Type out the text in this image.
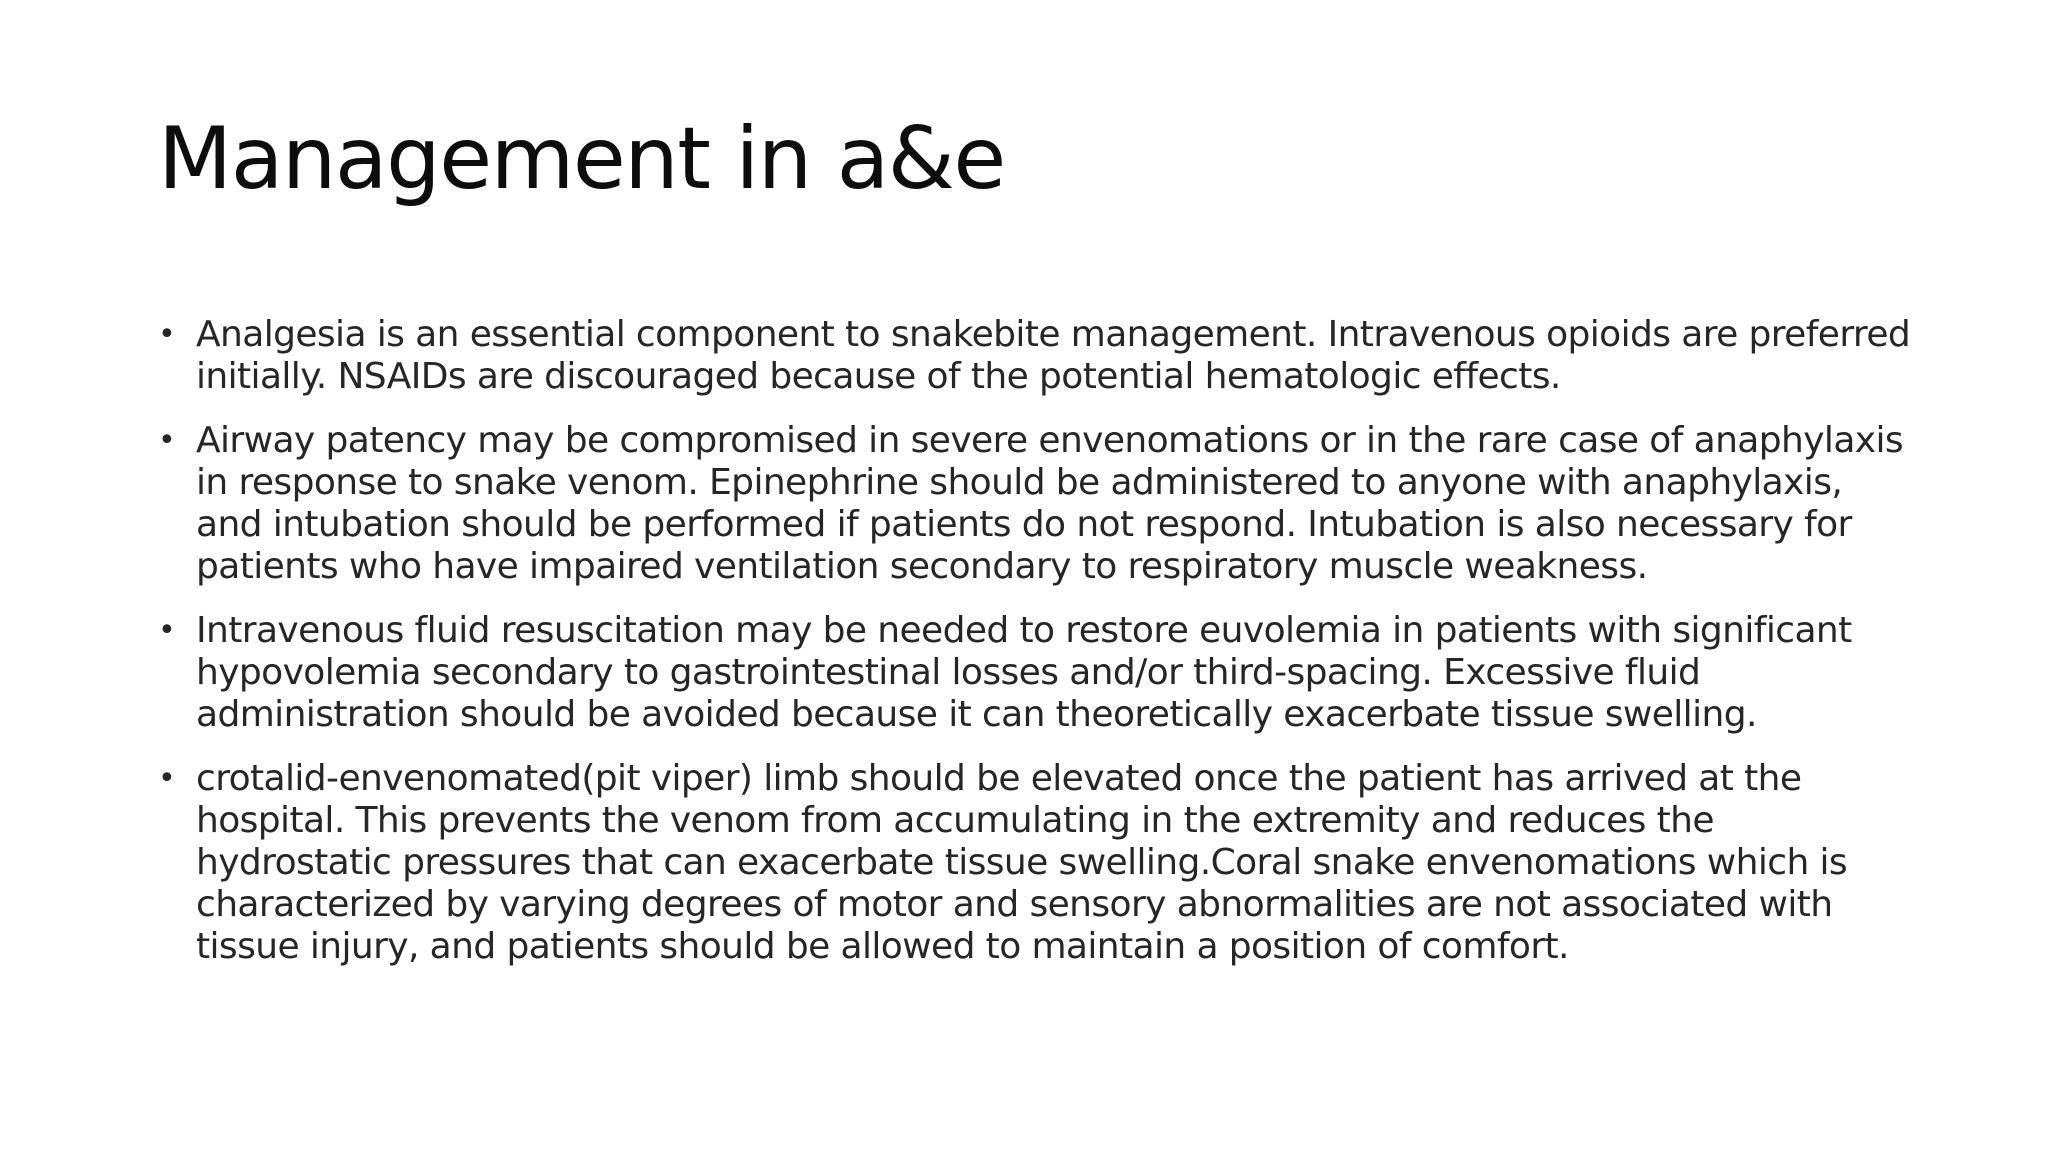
Management in a&e
• Analgesia is an essential component to snakebite management. Intravenous opioids are preferred initially. NSAIDs are discouraged because of the potential hematologic effects.
• Airway patency may be compromised in severe envenomations or in the rare case of anaphylaxis in response to snake venom. Epinephrine should be administered to anyone with anaphylaxis, and intubation should be performed if patients do not respond. Intubation is also necessary for patients who have impaired ventilation secondary to respiratory muscle weakness.
• Intravenous fluid resuscitation may be needed to restore euvolemia in patients with significant hypovolemia secondary to gastrointestinal losses and/or third-spacing. Excessive fluid administration should be avoided because it can theoretically exacerbate tissue swelling.
• crotalid-envenomated(pit viper) limb should be elevated once the patient has arrived at the hospital. This prevents the venom from accumulating in the extremity and reduces the hydrostatic pressures that can exacerbate tissue swelling.Coral snake envenomations which is characterized by varying degrees of motor and sensory abnormalities are not associated with tissue injury, and patients should be allowed to maintain a position of comfort.
